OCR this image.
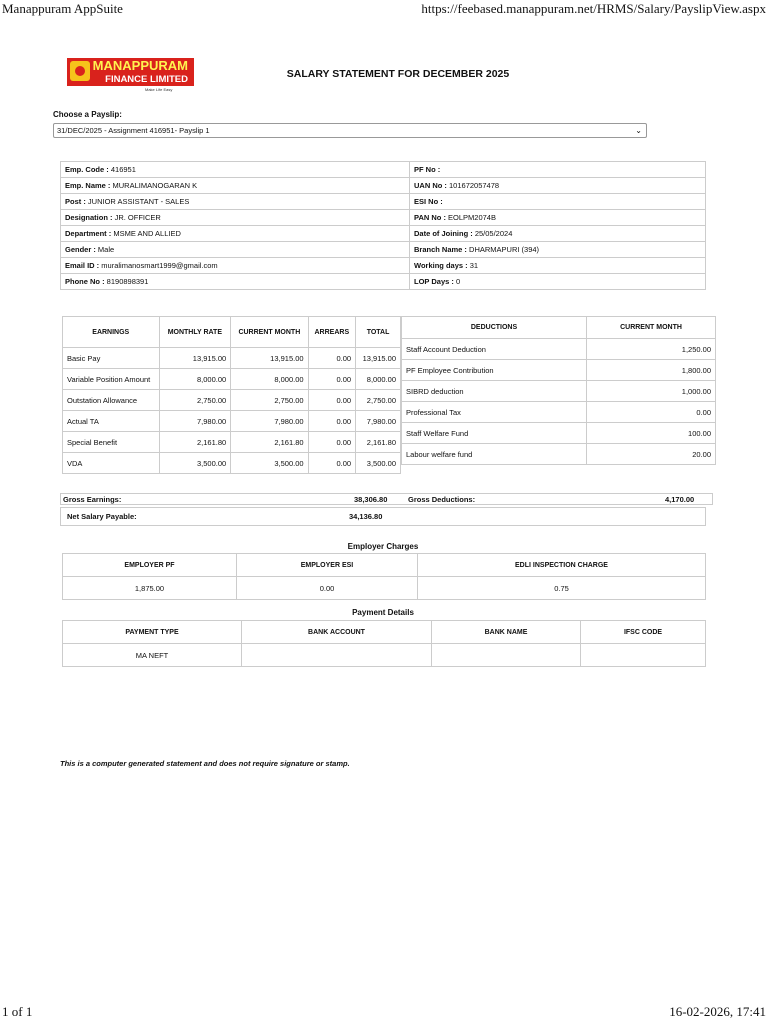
Manappuram AppSuite	https://feebased.manappuram.net/HRMS/Salary/PayslipView.aspx
MANAPPURAM
FINANCE LIMITED
Make Life Easy
SALARY STATEMENT FOR DECEMBER 2025
Choose a Payslip:
31/DEC/2025 - Assignment 416951- Payslip 1	⌄
Emp. Code : 416951	PF No :
Emp. Name : MURALIMANOGARAN K	UAN No : 101672057478
Post : JUNIOR ASSISTANT - SALES	ESI No :
Designation : JR. OFFICER	PAN No : EOLPM2074B
Department : MSME AND ALLIED	Date of Joining : 25/05/2024
Gender : Male	Branch Name : DHARMAPURI (394)
Email ID : muralimanosmart1999@gmail.com	Working days : 31
Phone No : 8190898391	LOP Days : 0
EARNINGS	MONTHLY RATE	CURRENT MONTH	ARREARS	TOTAL
Basic Pay	13,915.00	13,915.00	0.00	13,915.00
Variable Position Amount	8,000.00	8,000.00	0.00	8,000.00
Outstation Allowance	2,750.00	2,750.00	0.00	2,750.00
Actual TA	7,980.00	7,980.00	0.00	7,980.00
Special Benefit	2,161.80	2,161.80	0.00	2,161.80
VDA	3,500.00	3,500.00	0.00	3,500.00
DEDUCTIONS	CURRENT MONTH
Staff Account Deduction	1,250.00
PF Employee Contribution	1,800.00
SIBRD deduction	1,000.00
Professional Tax	0.00
Staff Welfare Fund	100.00
Labour welfare fund	20.00
Gross Earnings:	38,306.80	Gross Deductions:	4,170.00
Net Salary Payable:	34,136.80
Employer Charges
EMPLOYER PF	EMPLOYER ESI	EDLI INSPECTION CHARGE
1,875.00	0.00	0.75
Payment Details
PAYMENT TYPE	BANK ACCOUNT	BANK NAME	IFSC CODE
MA NEFT			
This is a computer generated statement and does not require signature or stamp.
1 of 1	16-02-2026, 17:41
